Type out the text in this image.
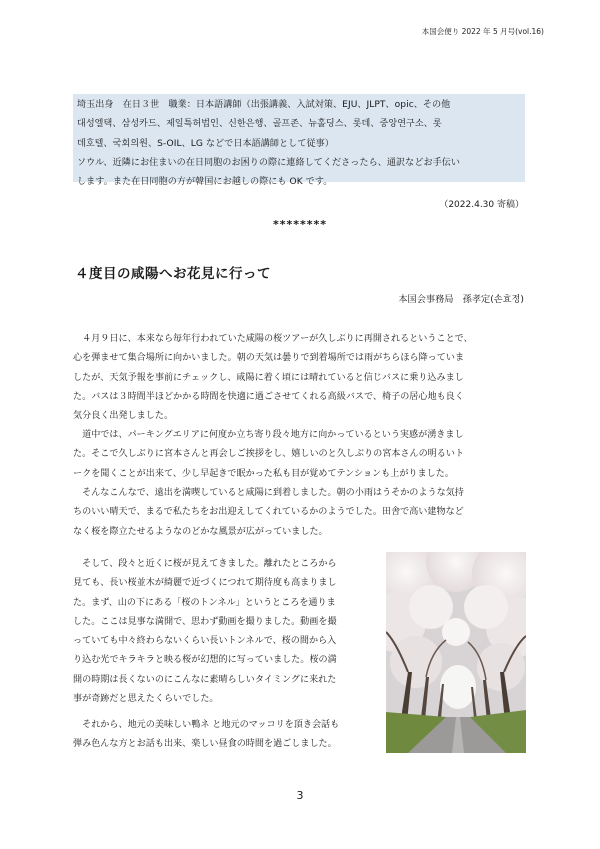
本国会便り 2022 年 5 月号(vol.16)

埼玉出身　在日３世　職業：日本語講師（出張講義、入試対策、EJU、JLPT、opic、その他

대성엘택、삼성카드、제일특허법인、신한은행、골프존、뉴홀딩스、롯데、중앙연구소、롯

데호텔、국회의원、S-OIL、LG などで日本語講師として従事）

ソウル、近隣にお住まいの在日同胞のお困りの際に連絡してくださったら、通訳などお手伝い

します。また在日同胞の方が韓国にお越しの際にも OK です。

（2022.4.30 寄稿）
********
４度目の咸陽へお花見に行って
本国会事務局　孫孝定(손효정)
　４月９日に、本来なら毎年行われていた咸陽の桜ツアーが久しぶりに再開されるということで、
心を弾ませて集合場所に向かいました。朝の天気は曇りで到着場所では雨がちらほら降っていま
したが、天気予報を事前にチェックし、咸陽に着く頃には晴れていると信じバスに乗り込みまし
た。バスは３時間半ほどかかる時間を快適に過ごさせてくれる高級バスで、椅子の居心地も良く
気分良く出発しました。
　道中では、パーキングエリアに何度か立ち寄り段々地方に向かっているという実感が湧きまし
た。そこで久しぶりに宮本さんと再会しご挨拶をし、嬉しいのと久しぶりの宮本さんの明るいト
ークを聞くことが出来て、少し早起きで眠かった私も目が覚めてテンションも上がりました。
　そんなこんなで、遠出を満喫していると咸陽に到着しました。朝の小雨はうそかのような気持
ちのいい晴天で、まるで私たちをお出迎えしてくれているかのようでした。田舎で高い建物など
なく桜を際立たせるようなのどかな風景が広がっていました。
　そして、段々と近くに桜が見えてきました。離れたところから
見ても、長い桜並木が綺麗で近づくにつれて期待度も高まりまし
た。まず、山の下にある「桜のトンネル」というところを通りま
した。ここは見事な満開で、思わず動画を撮りました。動画を撮
っていても中々終わらないくらい長いトンネルで、桜の間から入
り込む光でキラキラと映る桜が幻想的に写っていました。桜の満
開の時期は長くないのにこんなに素晴らしいタイミングに来れた
事が奇跡だと思えたくらいでした。
　それから、地元の美味しい鴨ネ と地元のマッコリを頂き会話も
弾み色んな方とお話も出来、楽しい昼食の時間を過ごしました。
3
